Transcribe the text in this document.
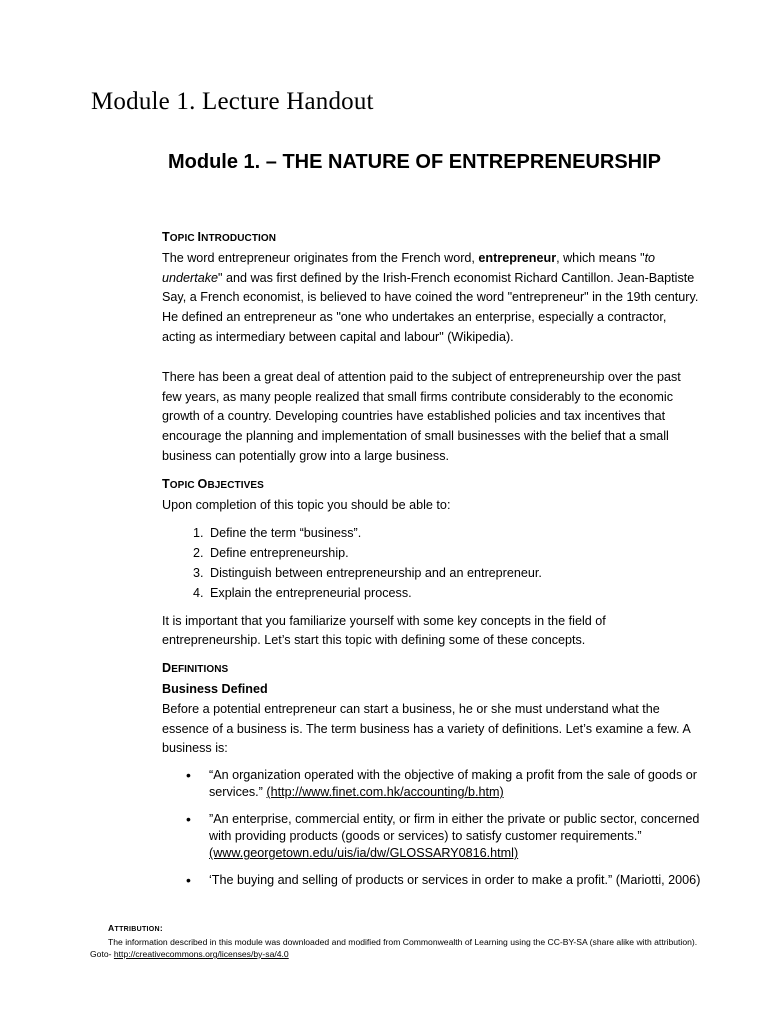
Module 1. Lecture Handout
Module 1. – THE NATURE OF ENTREPRENEURSHIP
TOPIC INTRODUCTION

The word entrepreneur originates from the French word, entrepreneur, which means "to undertake" and was first defined by the Irish-French economist Richard Cantillon. Jean-Baptiste Say, a French economist, is believed to have coined the word "entrepreneur" in the 19th century. He defined an entrepreneur as "one who undertakes an enterprise, especially a contractor, acting as intermediary between capital and labour" (Wikipedia).

There has been a great deal of attention paid to the subject of entrepreneurship over the past few years, as many people realized that small firms contribute considerably to the economic growth of a country. Developing countries have established policies and tax incentives that encourage the planning and implementation of small businesses with the belief that a small business can potentially grow into a large business.

TOPIC OBJECTIVES

Upon completion of this topic you should be able to:

1. Define the term “business”.
2. Define entrepreneurship.
3. Distinguish between entrepreneurship and an entrepreneur.
4. Explain the entrepreneurial process.

It is important that you familiarize yourself with some key concepts in the field of entrepreneurship. Let’s start this topic with defining some of these concepts.

DEFINITIONS
Business Defined

Before a potential entrepreneur can start a business, he or she must understand what the essence of a business is. The term business has a variety of definitions. Let’s examine a few. A business is:

• “An organization operated with the objective of making a profit from the sale of goods or services.” (http://www.finet.com.hk/accounting/b.htm)
• ”An enterprise, commercial entity, or firm in either the private or public sector, concerned with providing products (goods or services) to satisfy customer requirements.” (www.georgetown.edu/uis/ia/dw/GLOSSARY0816.html)
• ‘The buying and selling of products or services in order to make a profit.” (Mariotti, 2006)
ATTRIBUTION:
The information described in this module was downloaded and modified from Commonwealth of Learning using the CC-BY-SA (share alike with attribution). Goto- http://creativecommons.org/licenses/by-sa/4.0
